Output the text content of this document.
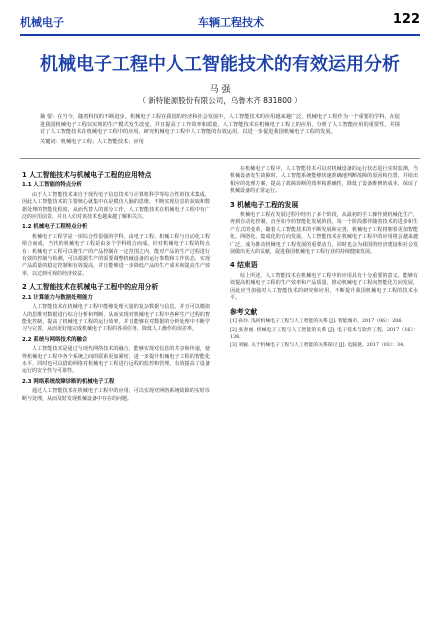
机械电子	车辆工程技术	122
机械电子工程中人工智能技术的有效运用分析
马 强
（ 新特能源股份有限公司，乌鲁木齐 831800 ）
摘 要：在当今，随着科技的不断进步，机械电子工程在我国的经济和社会发展中，人工智能技术的应用越来越广泛，机械电子工程作为一个重要的学科，在促进我国机械电子工程以实现的生产模式发生改变，并且提高了工作效率和质量，人工智能技术在机械电子工程上的应用，分析了人工智能应用的重要性，并探讨了人工智能技术在机械电子工程中的应用，研究机械电子工程中人工智能的有效运用，以进一步促进我国机械电子工程的发展。
关键词：机械电子工程；人工智能技术；应用
1 人工智能技术与机械电子工程的应用特点
1.1 人工智能的特点分析
由于人工智能技术来自于现代电子信息技术与计算机科学等综合性的技术集成，因此人工智能技术的主要核心就集中在是模仿人脑的思维，不断实现信息的获取和数据处理的智能化程度，从而代替人的部分工作，人工智能技术在机械电子工程中有广泛的应用前景，并且人们对该技术也越来越了解和关注。
1.2 机械电子工程特点分析
机械电子工程学是一项综合性很强的学科，由电子工程、机械工程与自动化工程组合而成，当代的机械电子工程是由多个学科组合而成。针对机械电子工程的特点有：机械电子工程可以将生产的产品控制在一定范围之内，能对产品的生产过程进行有效的控制与检测，可以根据生产的需要调整机械设备的运行参数和工作状态，实现产品质量的稳定控制和有效提高，并且能够进一步降低产品的生产成本和提高生产效率，以达到可观的经济效益。
2 人工智能技术在机械电子工程中的应用分析
2.1 计算能力与数据处理能力
人工智能技术在机械电子工程中能够处理大量的复杂数据与信息，并且可以模拟人的思维对数据进行综合分析和判断，从而实现对机械电子工程中各种生产过程的智能化控制，提高了机械电子工程的运行效率，并且能够在对数据的分析处理中不断学习与完善，从而更好地完成机械电子工程的各项任务，降低人工操作的误差率。
2.2 系统与网络技术的融合
人工智能技术是通过与现代网络技术的融合，能够实现对信息的共享和传递，使得机械电子工程中各个系统之间的联系更加紧密，进一步提升机械电子工程的智能化水平，同时也可以借助网络对机械电子工程进行远程的监控和管理，有效提高了设备运行的安全性与可靠性。
2.3 网络系统故障诊断的机械电子工程
通过人工智能技术在机械电子工程中的应用，可以实现对网络系统故障的实时诊断与处理，从而及时发现机械设备中存在的问题。
在机械电子工程中，人工智能技术可以对机械设备的运行状态进行实时监测，当机械设备发生故障时，人工智能系统能够快速准确地判断故障的原因和位置，并给出相应的处理方案，提高了故障诊断的效率和准确性，降低了设备维修的成本，保证了机械设备的正常运行。
3 机械电子工程的发展
机械电子工程在发展过程中经历了多个阶段，从最初的手工操作到机械化生产，再到自动化控制，直至如今的智能化发展阶段，每一个阶段都伴随着技术的进步和生产方式的变革。随着人工智能技术的不断发展和完善，机械电子工程将朝着更加智能化、网络化、集成化的方向发展，人工智能技术在机械电子工程中的应用将会越来越广泛，成为推动机械电子工程发展的重要动力，同时也会为我国的经济建设和社会发展做出更大的贡献，促进我国机械电子工程行业的持续健康发展。
4 结束语
综上所述，人工智能技术在机械电子工程中的应用具有十分重要的意义，能够有效提高机械电子工程的生产效率和产品质量，推动机械电子工程向智能化方向发展，因此应当加强对人工智能技术的研究和应用，不断提升我国机械电子工程的技术水平。
参考文献
[1] 孙玲. 浅析机械电子工程与人工智能的关系 [J]. 智能城市，2017（06）：206.
[2] 张春丽. 机械电子工程与人工智能的关系 [J]. 电子技术与软件工程，2017（16）：138.
[3] 刘颖. 关于机械电子工程与人工智能的关系探讨 [J]. 电脑迷，2017（03）：34.
